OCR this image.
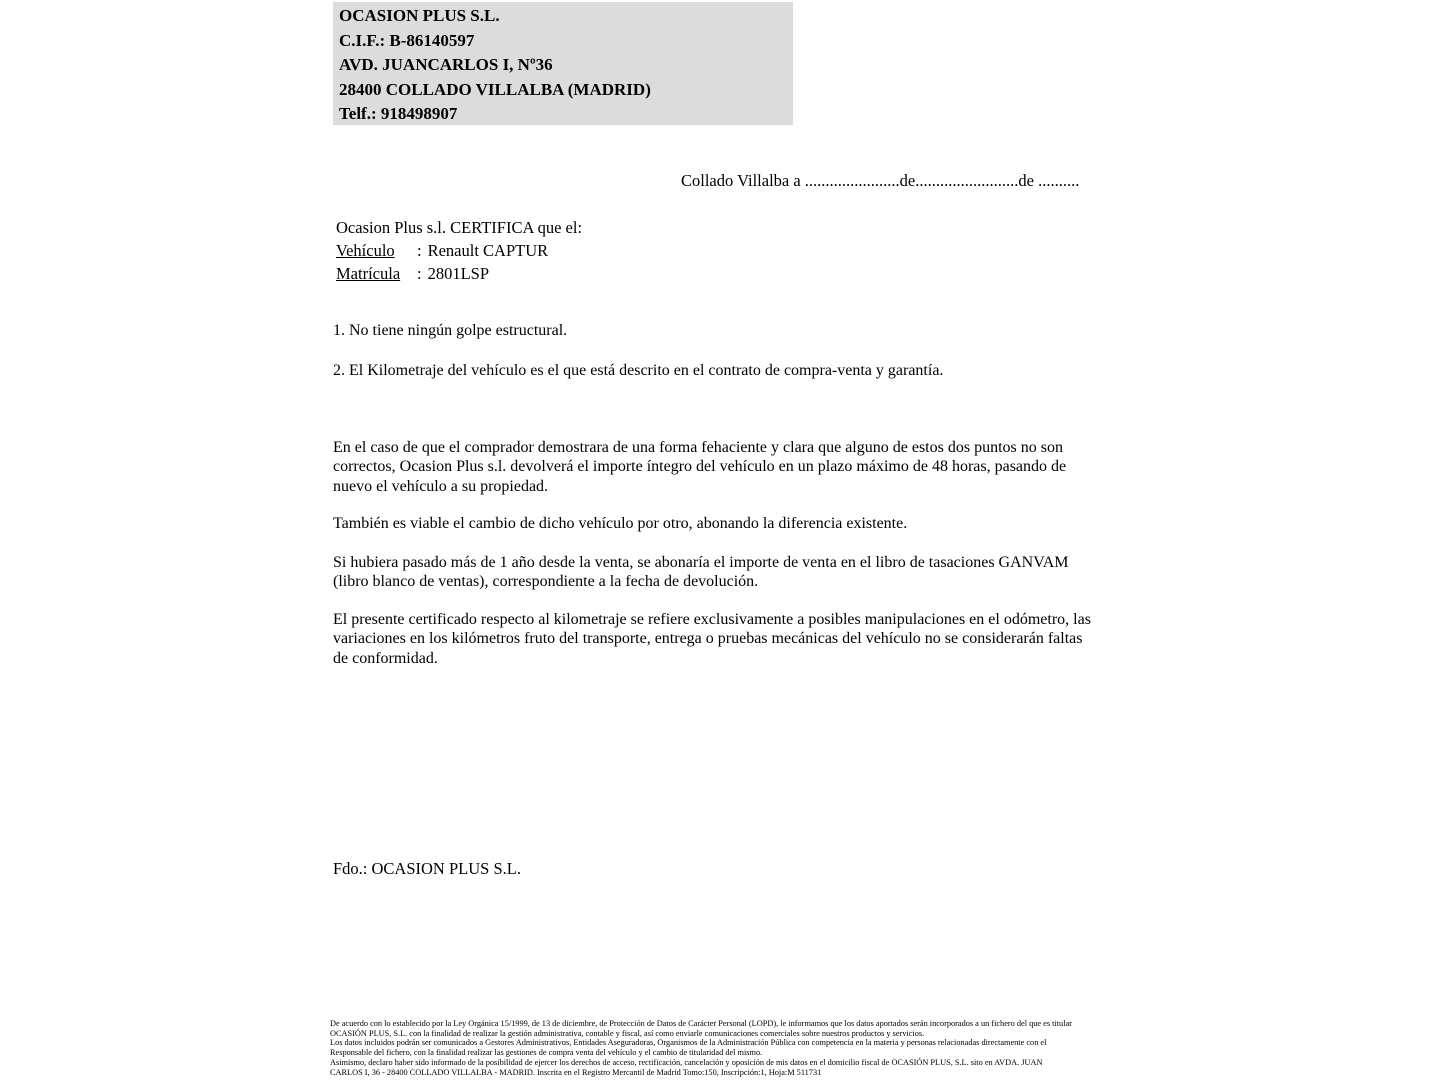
OCASION PLUS S.L.
C.I.F.: B-86140597
AVD. JUANCARLOS I, Nº36
28400 COLLADO VILLALBA (MADRID)
Telf.: 918498907
Collado Villalba a .......................de.........................de ..........
Ocasion Plus s.l. CERTIFICA que el:
Vehículo : Renault CAPTUR
Matrícula : 2801LSP
1. No tiene ningún golpe estructural.
2. El Kilometraje del vehículo es el que está descrito en el contrato de compra-venta y garantía.

En el caso de que el comprador demostrara de una forma fehaciente y clara que alguno de estos dos puntos no son correctos, Ocasion Plus s.l. devolverá el importe íntegro del vehículo en un plazo máximo de 48 horas, pasando de nuevo el vehículo a su propiedad.

También es viable el cambio de dicho vehículo por otro, abonando la diferencia existente.

Si hubiera pasado más de 1 año desde la venta, se abonaría el importe de venta en el libro de tasaciones GANVAM (libro blanco de ventas), correspondiente a la fecha de devolución.

El presente certificado respecto al kilometraje se refiere exclusivamente a posibles manipulaciones en el odómetro, las variaciones en los kilómetros fruto del transporte, entrega o pruebas mecánicas del vehículo no se considerarán faltas de conformidad.

Fdo.: OCASION PLUS S.L.
De acuerdo con lo establecido por la Ley Orgánica 15/1999, de 13 de diciembre, de Protección de Datos de Carácter Personal (LOPD), le informamos que los datos aportados serán incorporados a un fichero del que es titular
OCASIÓN PLUS, S.L. con la finalidad de realizar la gestión administrativa, contable y fiscal, así como enviarle comunicaciones comerciales sobre nuestros productos y servicios.
Los datos incluidos podrán ser comunicados a Gestores Administrativos, Entidades Aseguradoras, Organismos de la Administración Pública con competencia en la materia y personas relacionadas directamente con el
Responsable del fichero, con la finalidad realizar las gestiones de compra venta del vehículo y el cambio de titularidad del mismo.
Asimismo, declaro haber sido informado de la posibilidad de ejercer los derechos de acceso, rectificación, cancelación y oposición de mis datos en el domicilio fiscal de OCASIÓN PLUS, S.L. sito en AVDA. JUAN
CARLOS I, 36 - 28400 COLLADO VILLALBA - MADRID. Inscrita en el Registro Mercantil de Madrid Tomo:150, Inscripción:1, Hoja:M 511731
